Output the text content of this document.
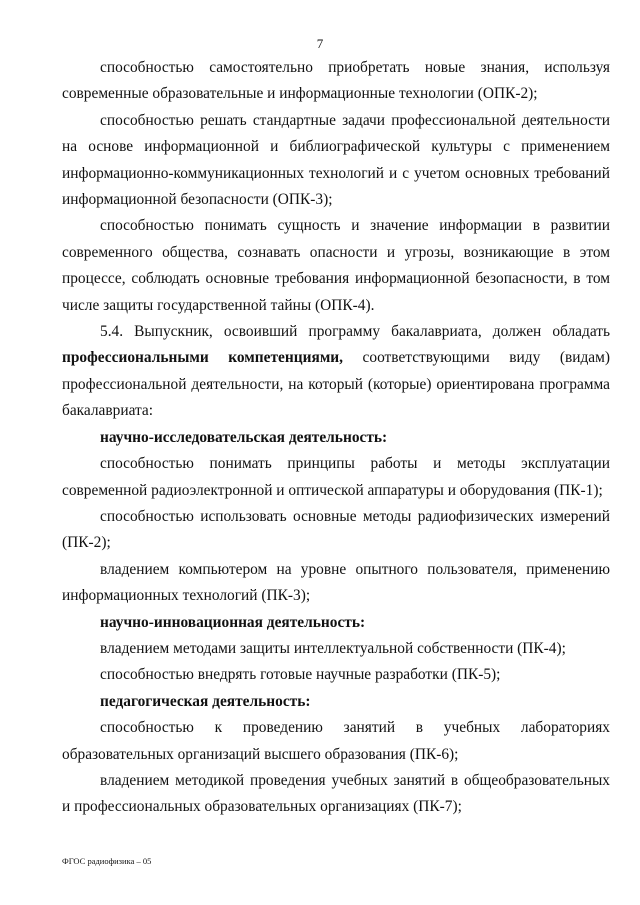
7

способностью самостоятельно приобретать новые знания, используя современные образовательные и информационные технологии (ОПК-2);

способностью решать стандартные задачи профессиональной деятельности на основе информационной и библиографической культуры с применением информационно-коммуникационных технологий и с учетом основных требований информационной безопасности (ОПК-3);

способностью понимать сущность и значение информации в развитии современного общества, сознавать опасности и угрозы, возникающие в этом процессе, соблюдать основные требования информационной безопасности, в том числе защиты государственной тайны (ОПК-4).

5.4. Выпускник, освоивший программу бакалавриата, должен обладать профессиональными компетенциями, соответствующими виду (видам) профессиональной деятельности, на который (которые) ориентирована программа бакалавриата:

научно-исследовательская деятельность:

способностью понимать принципы работы и методы эксплуатации современной радиоэлектронной и оптической аппаратуры и оборудования (ПК-1);

способностью использовать основные методы радиофизических измерений (ПК-2);

владением компьютером на уровне опытного пользователя, применению информационных технологий (ПК-3);

научно-инновационная деятельность:

владением методами защиты интеллектуальной собственности (ПК-4);

способностью внедрять готовые научные разработки (ПК-5);

педагогическая деятельность:

способностью к проведению занятий в учебных лабораториях образовательных организаций высшего образования (ПК-6);

владением методикой проведения учебных занятий в общеобразовательных и профессиональных образовательных организациях (ПК-7);

ФГОС радиофизика – 05
